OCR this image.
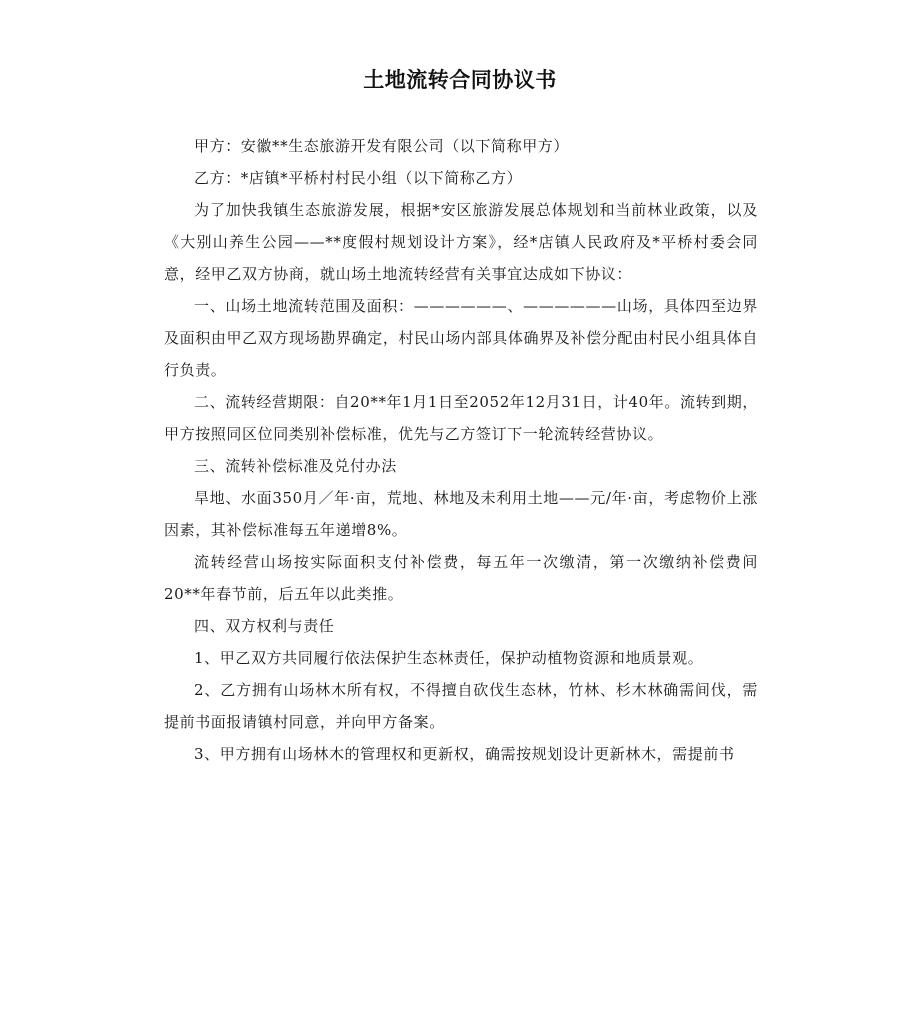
土地流转合同协议书

甲方：安徽**生态旅游开发有限公司（以下简称甲方）

乙方：*店镇*平桥村村民小组（以下简称乙方）

为了加快我镇生态旅游发展，根据*安区旅游发展总体规划和当前林业政策，以及《大别山养生公园——**度假村规划设计方案》，经*店镇人民政府及*平桥村委会同意，经甲乙双方协商，就山场土地流转经营有关事宜达成如下协议：

一、山场土地流转范围及面积：——————、——————山场，具体四至边界及面积由甲乙双方现场勘界确定，村民山场内部具体确界及补偿分配由村民小组具体自行负责。

二、流转经营期限：自20**年1月1日至2052年12月31日，计40年。流转到期，甲方按照同区位同类别补偿标准，优先与乙方签订下一轮流转经营协议。

三、流转补偿标准及兑付办法

旱地、水面350月／年·亩，荒地、林地及未利用土地——元/年·亩，考虑物价上涨因素，其补偿标准每五年递增8%。

流转经营山场按实际面积支付补偿费，每五年一次缴清，第一次缴纳补偿费间20**年春节前，后五年以此类推。

四、双方权利与责任

1、甲乙双方共同履行依法保护生态林责任，保护动植物资源和地质景观。

2、乙方拥有山场林木所有权，不得擅自砍伐生态林，竹林、杉木林确需间伐，需提前书面报请镇村同意，并向甲方备案。

3、甲方拥有山场林木的管理权和更新权，确需按规划设计更新林木，需提前书
